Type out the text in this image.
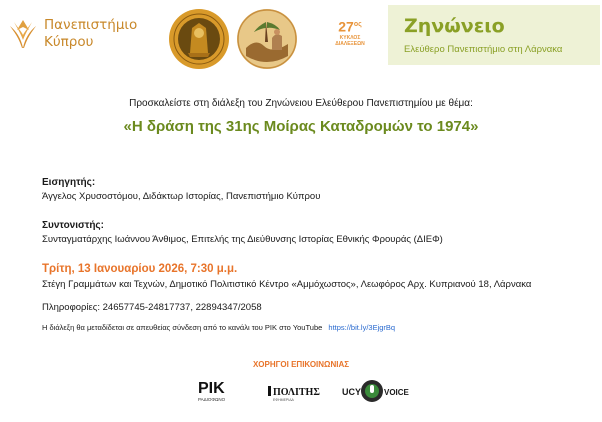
Πανεπιστήμιο
Κύπρου
$27^{o\varsigma}$
ΚΥΚΛΟΣ
ΔΙΑΛΕΞΕΩΝ
Ζηνώνειο
Ελεύθερο Πανεπιστήμιο στη Λάρνακα
Προσκαλείστε στη διάλεξη του Ζηνώνειου Ελεύθερου Πανεπιστημίου με θέμα:
«Η δράση της 31ης Μοίρας Καταδρομών το 1974»
Εισηγητής:
Άγγελος Χρυσοστόμου, Διδάκτωρ Ιστορίας, Πανεπιστήμιο Κύπρου
Συντονιστής:
Συνταγματάρχης Ιωάννου Άνθιμος, Επιτελής της Διεύθυνσης Ιστορίας Εθνικής Φρουράς (ΔΙΕΦ)
Τρίτη, 13 Ιανουαρίου 2026, 7:30 μ.μ.
Στέγη Γραμμάτων και Τεχνών, Δημοτικό Πολιτιστικό Κέντρο «Αμμόχωστος», Λεωφόρος Αρχ. Κυπριανού 18, Λάρνακα
Πληροφορίες: 24657745-24817737, 22894347/2058
Η διάλεξη θα μεταδίδεται σε απευθείας σύνδεση από το κανάλι του ΡΙΚ στο YouTube https://bit.ly/3EjgrBq
ΧΟΡΗΓΟΙ ΕΠΙΚΟΙΝΩΝΙΑΣ
ΡΙΚ
ΡΑΔΙΟΦΩΝΟ
ΠΟΛΙΤΗΣ
ΕΦΗΜΕΡΙΔΑ
UCY	VOICE
